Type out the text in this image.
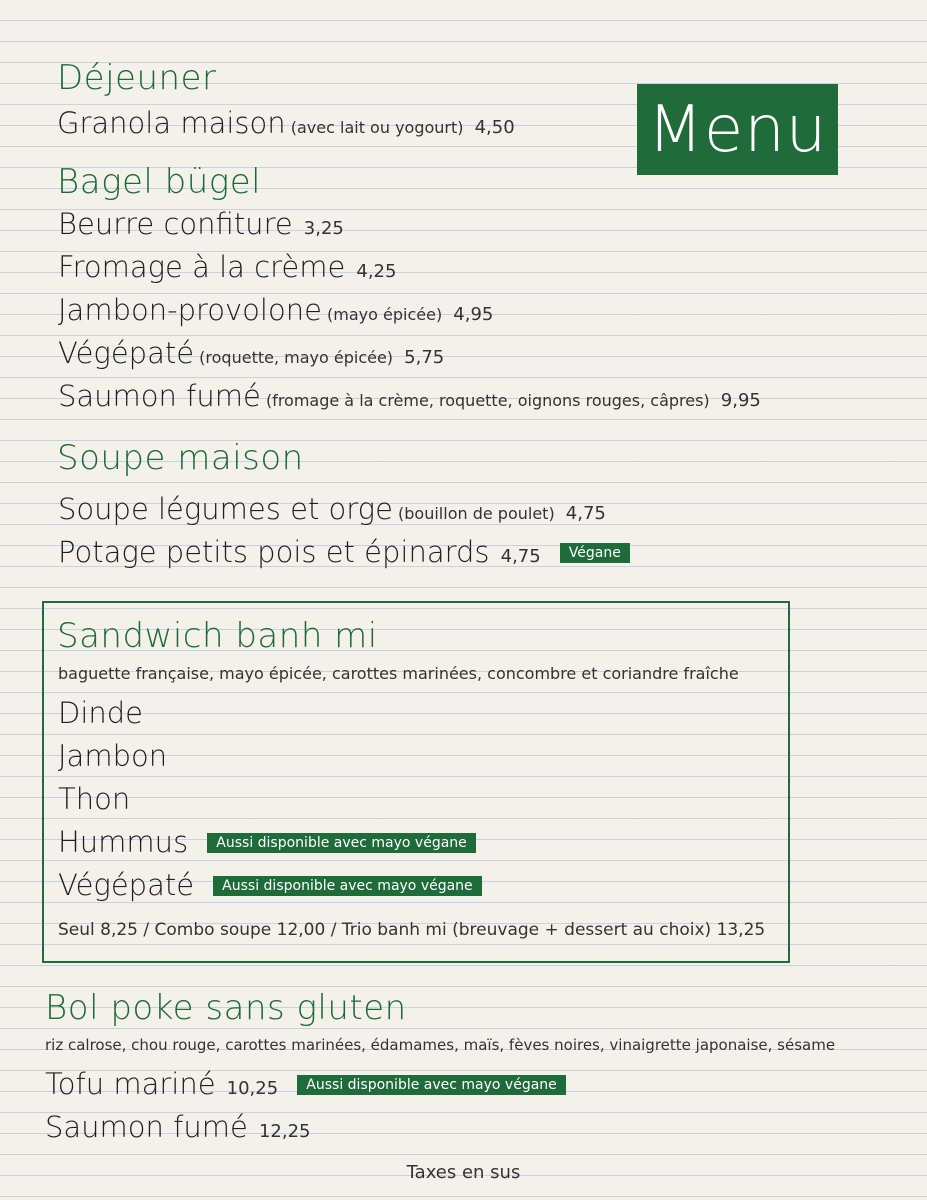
Menu
Déjeuner
Granola maison (avec lait ou yogourt) 4,50
Bagel bügel
Beurre confiture 3,25
Fromage à la crème 4,25
Jambon-provolone (mayo épicée) 4,95
Végépaté (roquette, mayo épicée) 5,75
Saumon fumé (fromage à la crème, roquette, oignons rouges, câpres) 9,95
Soupe maison
Soupe légumes et orge (bouillon de poulet) 4,75
Potage petits pois et épinards 4,75 Végane
Sandwich banh mi
baguette française, mayo épicée, carottes marinées, concombre et coriandre fraîche
Dinde
Jambon
Thon
Hummus Aussi disponible avec mayo végane
Végépaté Aussi disponible avec mayo végane
Seul 8,25 / Combo soupe 12,00 / Trio banh mi (breuvage + dessert au choix) 13,25
Bol poke sans gluten
riz calrose, chou rouge, carottes marinées, édamames, maïs, fèves noires, vinaigrette japonaise, sésame
Tofu mariné 10,25 Aussi disponible avec mayo végane
Saumon fumé 12,25
Taxes en sus
